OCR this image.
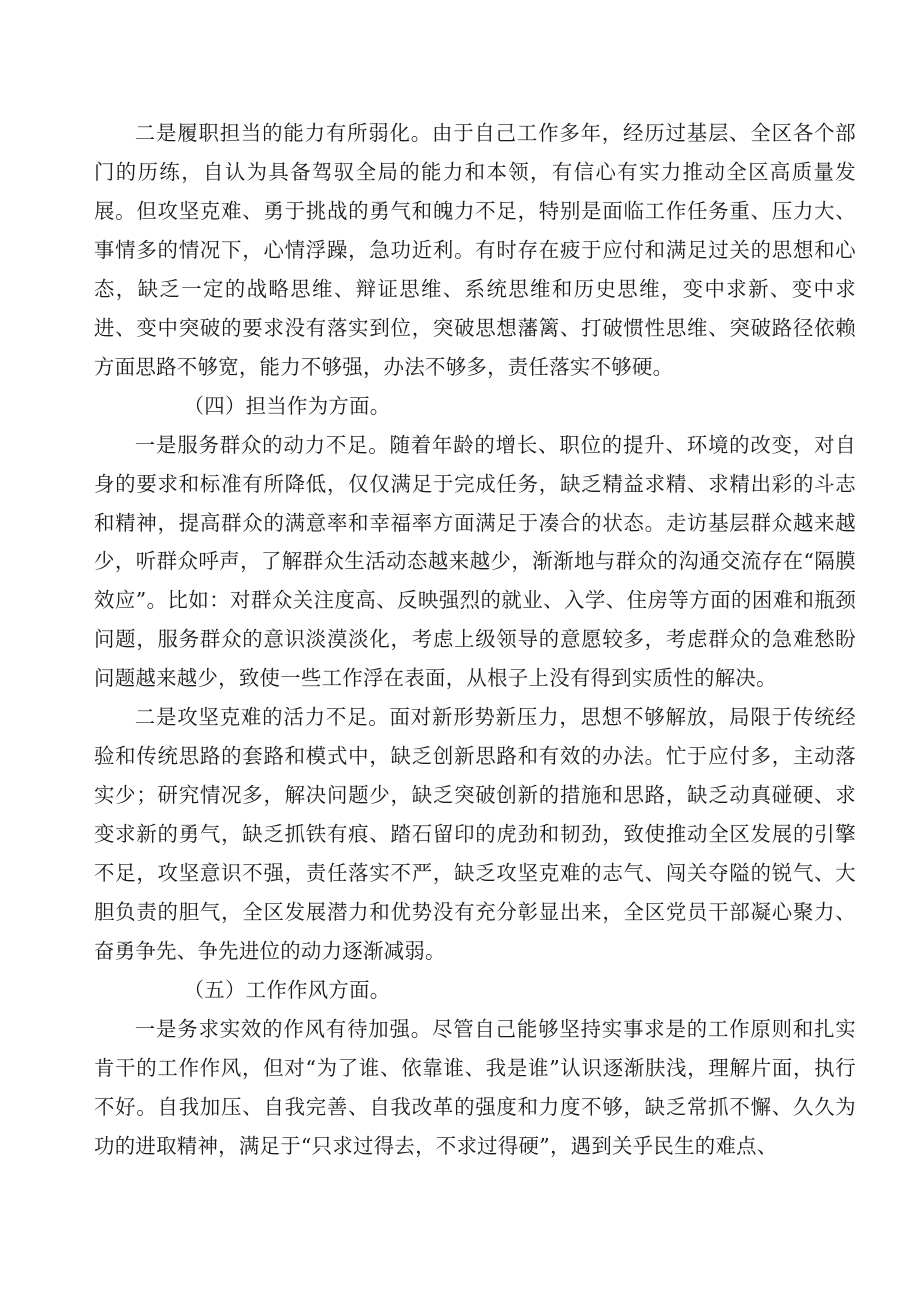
二是履职担当的能力有所弱化。由于自己工作多年，经历过基层、全区各个部门的历练，自认为具备驾驭全局的能力和本领，有信心有实力推动全区高质量发展。但攻坚克难、勇于挑战的勇气和魄力不足，特别是面临工作任务重、压力大、事情多的情况下，心情浮躁，急功近利。有时存在疲于应付和满足过关的思想和心态，缺乏一定的战略思维、辩证思维、系统思维和历史思维，变中求新、变中求进、变中突破的要求没有落实到位，突破思想藩篱、打破惯性思维、突破路径依赖方面思路不够宽，能力不够强，办法不够多，责任落实不够硬。

（四）担当作为方面。

一是服务群众的动力不足。随着年龄的增长、职位的提升、环境的改变，对自身的要求和标准有所降低，仅仅满足于完成任务，缺乏精益求精、求精出彩的斗志和精神，提高群众的满意率和幸福率方面满足于凑合的状态。走访基层群众越来越少，听群众呼声，了解群众生活动态越来越少，渐渐地与群众的沟通交流存在“隔膜效应”。比如：对群众关注度高、反映强烈的就业、入学、住房等方面的困难和瓶颈问题，服务群众的意识淡漠淡化，考虑上级领导的意愿较多，考虑群众的急难愁盼问题越来越少，致使一些工作浮在表面，从根子上没有得到实质性的解决。

二是攻坚克难的活力不足。面对新形势新压力，思想不够解放，局限于传统经验和传统思路的套路和模式中，缺乏创新思路和有效的办法。忙于应付多，主动落实少；研究情况多，解决问题少，缺乏突破创新的措施和思路，缺乏动真碰硬、求变求新的勇气，缺乏抓铁有痕、踏石留印的虎劲和韧劲，致使推动全区发展的引擎不足，攻坚意识不强，责任落实不严，缺乏攻坚克难的志气、闯关夺隘的锐气、大胆负责的胆气，全区发展潜力和优势没有充分彰显出来，全区党员干部凝心聚力、奋勇争先、争先进位的动力逐渐减弱。

（五）工作作风方面。

一是务求实效的作风有待加强。尽管自己能够坚持实事求是的工作原则和扎实肯干的工作作风，但对“为了谁、依靠谁、我是谁”认识逐渐肤浅，理解片面，执行不好。自我加压、自我完善、自我改革的强度和力度不够，缺乏常抓不懈、久久为功的进取精神，满足于“只求过得去，不求过得硬”，遇到关乎民生的难点、
